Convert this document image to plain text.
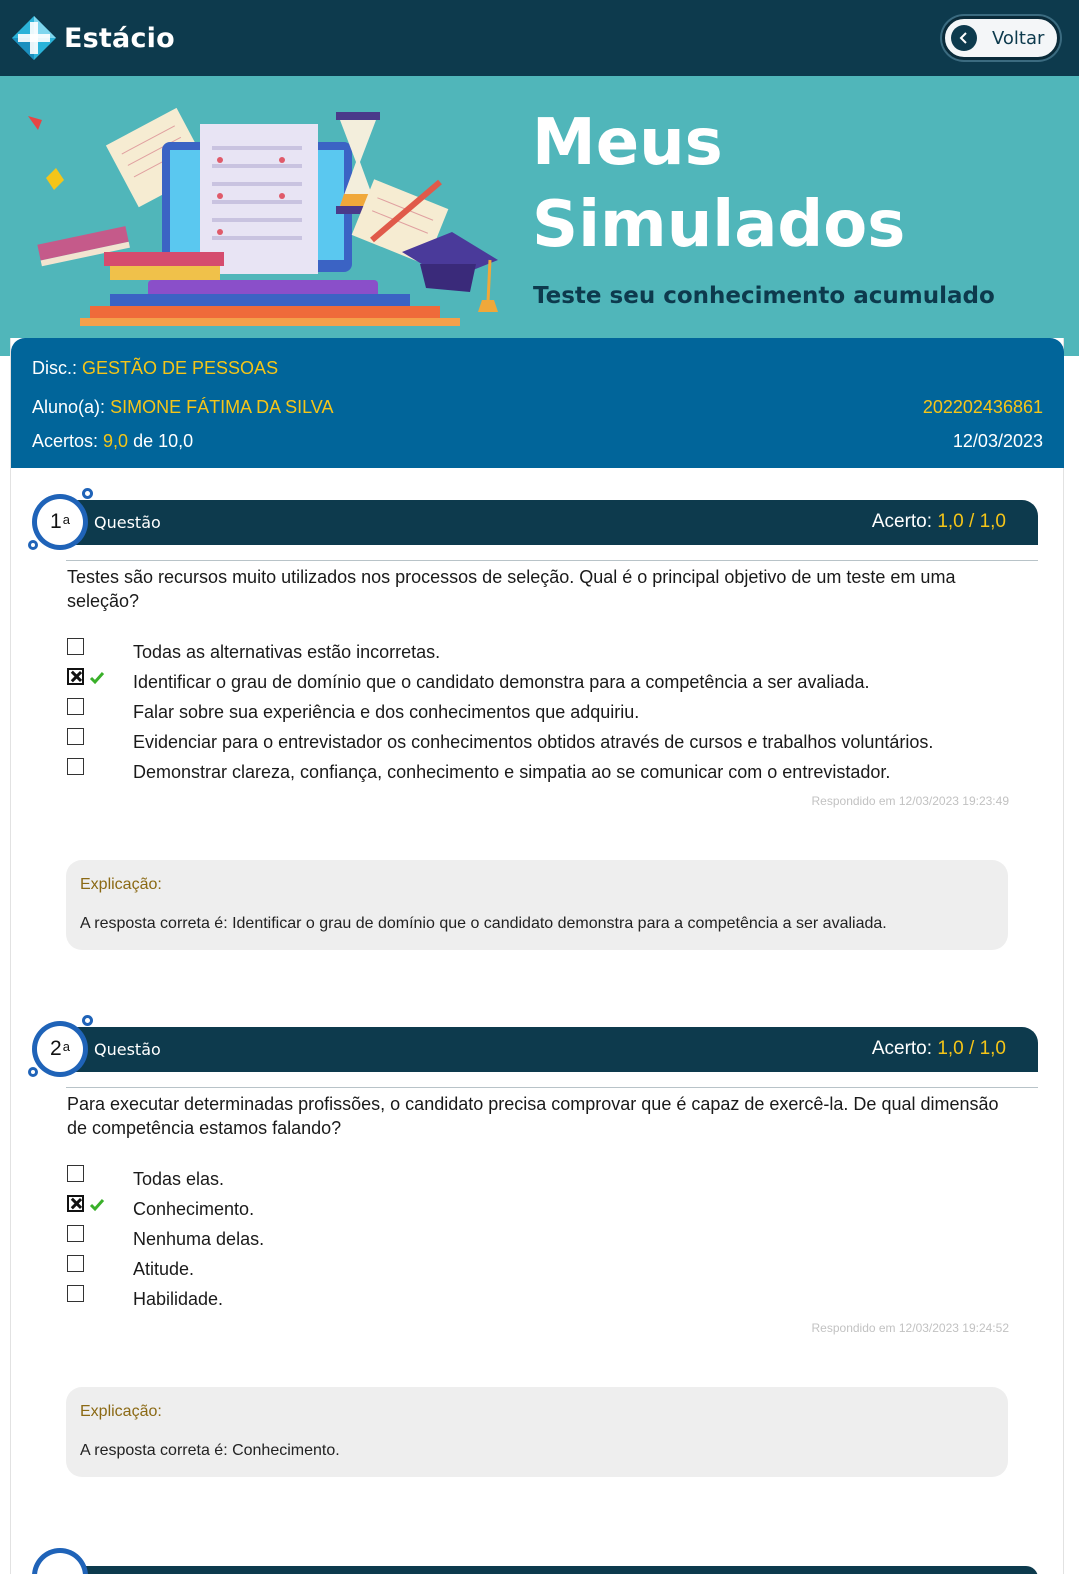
Estácio	Voltar
Meus
Simulados
Teste seu conhecimento acumulado
Disc.: GESTÃO DE PESSOAS
Aluno(a): SIMONE FÁTIMA DA SILVA	202202436861
Acertos: 9,0 de 10,0	12/03/2023
1$^a$ Questão	Acerto: 1,0 / 1,0
Testes são recursos muito utilizados nos processos de seleção. Qual é o principal objetivo de um teste em uma seleção?
Todas as alternativas estão incorretas.
Identificar o grau de domínio que o candidato demonstra para a competência a ser avaliada.
Falar sobre sua experiência e dos conhecimentos que adquiriu.
Evidenciar para o entrevistador os conhecimentos obtidos através de cursos e trabalhos voluntários.
Demonstrar clareza, confiança, conhecimento e simpatia ao se comunicar com o entrevistador.
Respondido em 12/03/2023 19:23:49
Explicação:
A resposta correta é: Identificar o grau de domínio que o candidato demonstra para a competência a ser avaliada.
2$^a$ Questão	Acerto: 1,0 / 1,0
Para executar determinadas profissões, o candidato precisa comprovar que é capaz de exercê-la. De qual dimensão de competência estamos falando?
Todas elas.
Conhecimento.
Nenhuma delas.
Atitude.
Habilidade.
Respondido em 12/03/2023 19:24:52
Explicação:
A resposta correta é: Conhecimento.
